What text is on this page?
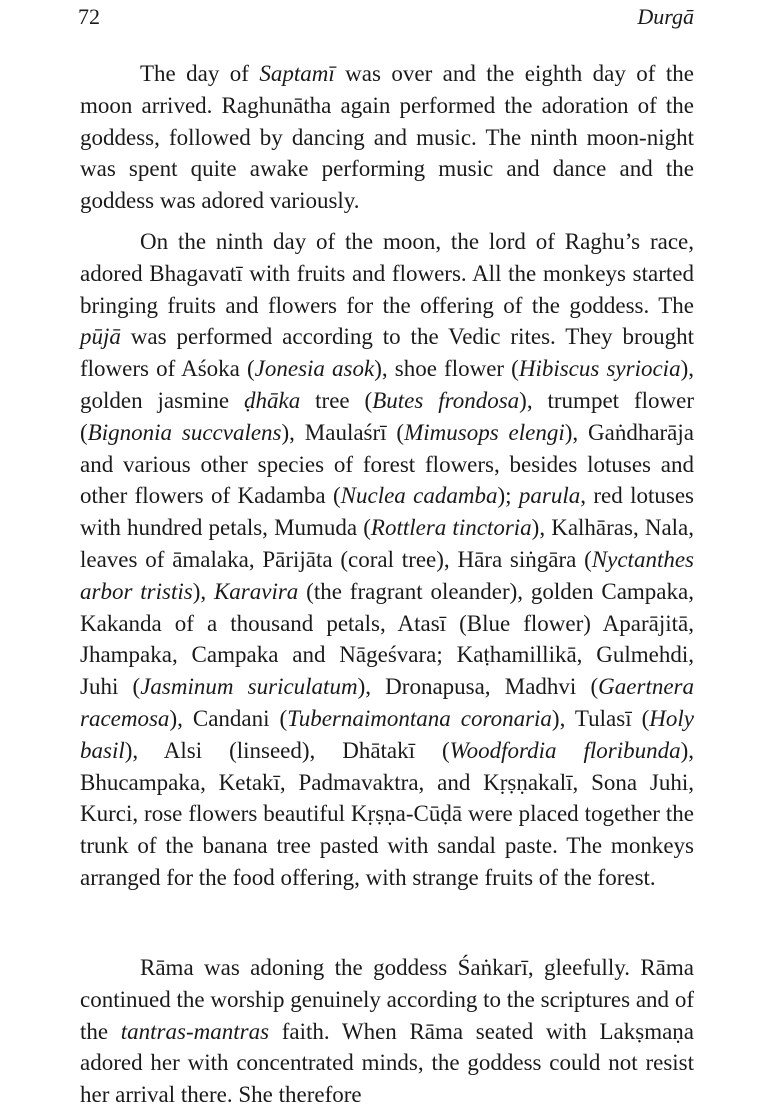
72	Durgā

The day of Saptamī was over and the eighth day of the moon arrived. Raghunātha again performed the adoration of the goddess, followed by dancing and music. The ninth moon-night was spent quite awake performing music and dance and the goddess was adored variously.

On the ninth day of the moon, the lord of Raghu’s race, adored Bhagavatī with fruits and flowers. All the monkeys started bringing fruits and flowers for the offering of the goddess. The pūjā was performed according to the Vedic rites. They brought flowers of Aśoka (Jonesia asok), shoe flower (Hibiscus syriocia), golden jasmine ḍhāka tree (Butes frondosa), trumpet flower (Bignonia succvalens), Maulaśrī (Mimusops elengi), Gaṅdharāja and various other species of forest flowers, besides lotuses and other flowers of Kadamba (Nuclea cadamba); parula, red lotuses with hundred petals, Mumuda (Rottlera tinctoria), Kalhāras, Nala, leaves of āmalaka, Pārijāta (coral tree), Hāra siṅgāra (Nyctanthes arbor tristis), Karavira (the fragrant oleander), golden Campaka, Kakanda of a thousand petals, Atasī (Blue flower) Aparājitā, Jhampaka, Campaka and Nāgeśvara; Kaṭhamillikā, Gulmehdi, Juhi (Jasminum suriculatum), Dronapusa, Madhvi (Gaertnera racemosa), Candani (Tubernaimontana coronaria), Tulasī (Holy basil), Alsi (linseed), Dhātakī (Woodfordia floribunda), Bhucampaka, Ketakī, Padmavaktra, and Kṛṣṇakalī, Sona Juhi, Kurci, rose flowers beautiful Kṛṣṇa-Cūḍā were placed together the trunk of the banana tree pasted with sandal paste. The monkeys arranged for the food offering, with strange fruits of the forest.

Rāma was adoning the goddess Śaṅkarī, gleefully. Rāma continued the worship genuinely according to the scriptures and of the tantras-mantras faith. When Rāma seated with Lakṣmaṇa adored her with concentrated minds, the goddess could not resist her arrival there. She therefore
